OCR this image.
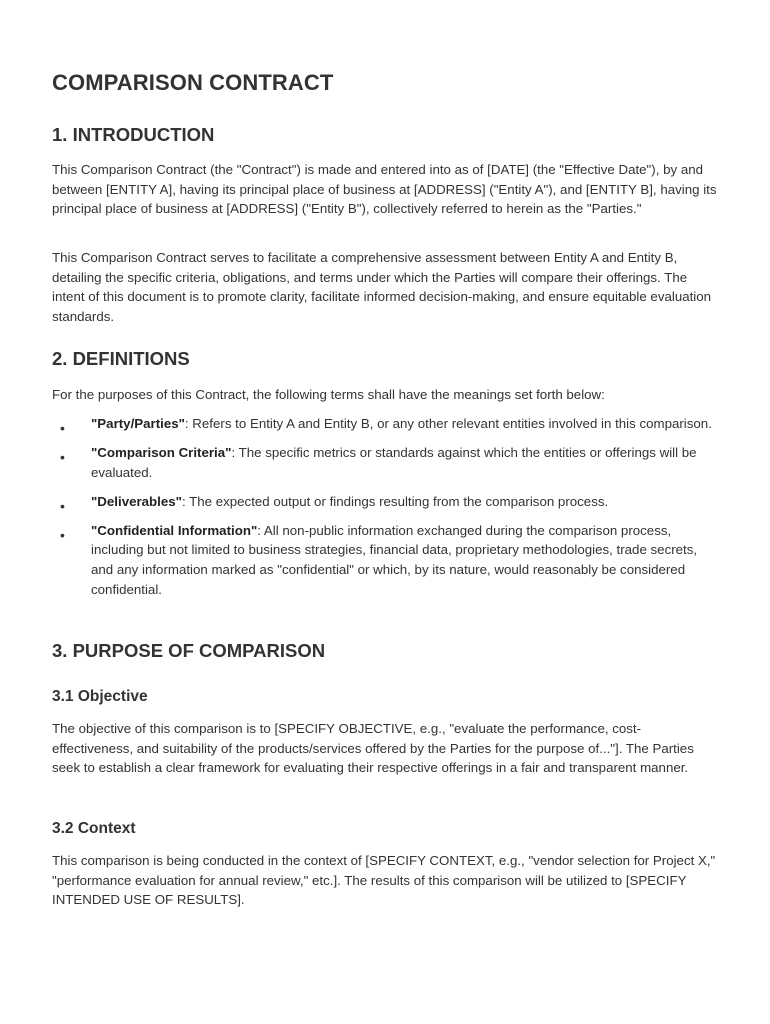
COMPARISON CONTRACT
1. INTRODUCTION

This Comparison Contract (the "Contract") is made and entered into as of [DATE] (the "Effective Date"), by and between [ENTITY A], having its principal place of business at [ADDRESS] ("Entity A"), and [ENTITY B], having its principal place of business at [ADDRESS] ("Entity B"), collectively referred to herein as the "Parties."

This Comparison Contract serves to facilitate a comprehensive assessment between Entity A and Entity B, detailing the specific criteria, obligations, and terms under which the Parties will compare their offerings. The intent of this document is to promote clarity, facilitate informed decision-making, and ensure equitable evaluation standards.

2. DEFINITIONS

For the purposes of this Contract, the following terms shall have the meanings set forth below:

•
"Party/Parties": Refers to Entity A and Entity B, or any other relevant entities involved in this comparison.
•
"Comparison Criteria": The specific metrics or standards against which the entities or offerings will be evaluated.
•
"Deliverables": The expected output or findings resulting from the comparison process.
•
"Confidential Information": All non-public information exchanged during the comparison process, including but not limited to business strategies, financial data, proprietary methodologies, trade secrets, and any information marked as "confidential" or which, by its nature, would reasonably be considered confidential.
3. PURPOSE OF COMPARISON
3.1 Objective

The objective of this comparison is to [SPECIFY OBJECTIVE, e.g., "evaluate the performance, cost-effectiveness, and suitability of the products/services offered by the Parties for the purpose of..."]. The Parties seek to establish a clear framework for evaluating their respective offerings in a fair and transparent manner.

3.2 Context

This comparison is being conducted in the context of [SPECIFY CONTEXT, e.g., "vendor selection for Project X," "performance evaluation for annual review," etc.]. The results of this comparison will be utilized to [SPECIFY INTENDED USE OF RESULTS].
